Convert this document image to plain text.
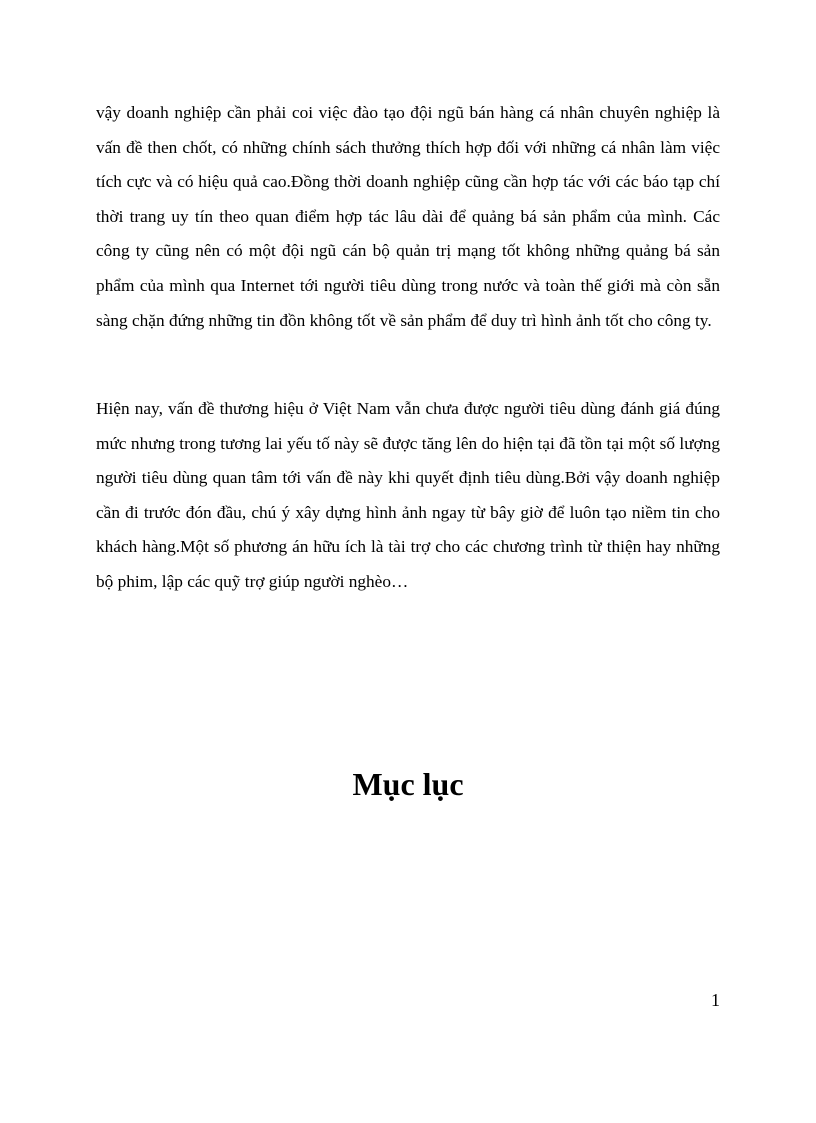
vậy doanh nghiệp cần phải coi việc đào tạo đội ngũ bán hàng cá nhân chuyên nghiệp là vấn đề then chốt, có những chính sách thưởng thích hợp đối với những cá nhân làm việc tích cực và có hiệu quả cao.Đồng thời doanh nghiệp cũng cần hợp tác với các báo tạp chí thời trang uy tín theo quan điểm hợp tác lâu dài để quảng bá sản phẩm của mình. Các công ty cũng nên có một đội ngũ cán bộ quản trị mạng tốt không những quảng bá sản phẩm của mình qua Internet tới người tiêu dùng trong nước và toàn thế giới mà còn sẵn sàng chặn đứng những tin đồn không tốt về sản phẩm để duy trì hình ảnh tốt cho công ty.

Hiện nay, vấn đề thương hiệu ở Việt Nam vẫn chưa được người tiêu dùng đánh giá đúng mức nhưng trong tương lai yếu tố này sẽ được tăng lên do hiện tại đã tồn tại một số lượng người tiêu dùng quan tâm tới vấn đề này khi quyết định tiêu dùng.Bởi vậy doanh nghiệp cần đi trước đón đầu, chú ý xây dựng hình ảnh ngay từ bây giờ để luôn tạo niềm tin cho khách hàng.Một số phương án hữu ích là tài trợ cho các chương trình từ thiện hay những bộ phim, lập các quỹ trợ giúp người nghèo…

Mục lục
1
